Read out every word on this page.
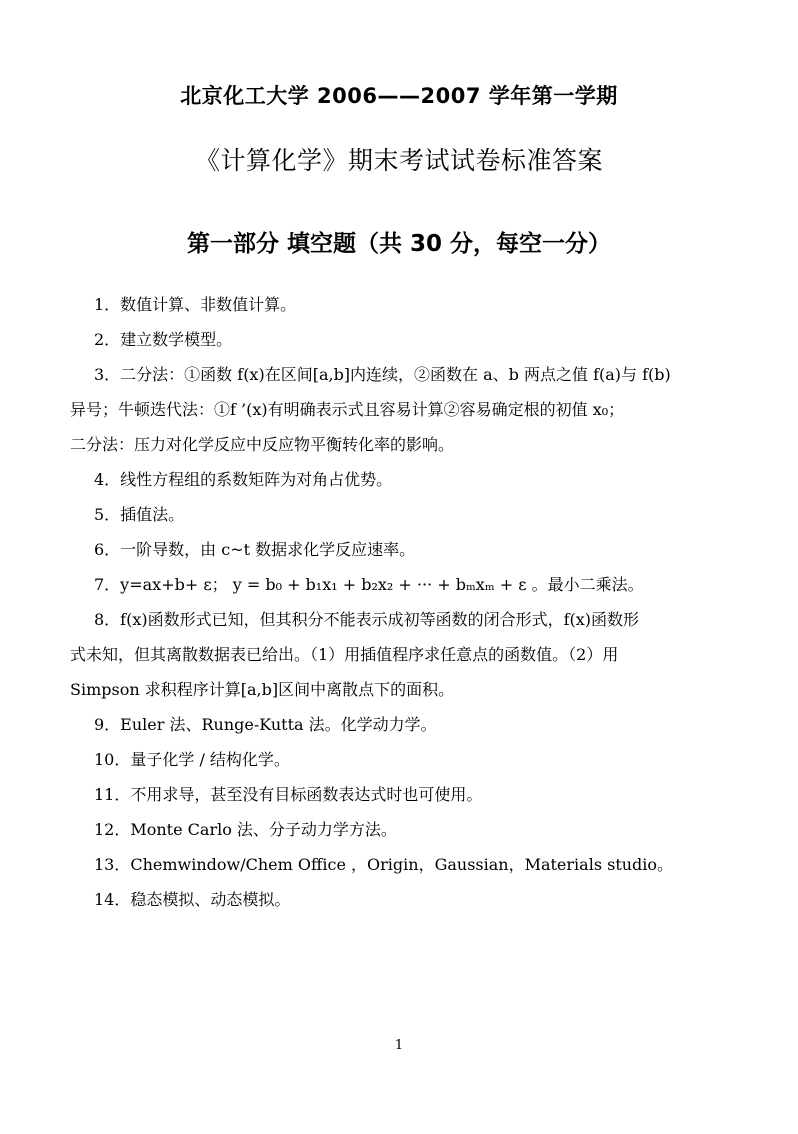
北京化工大学 2006——2007 学年第一学期
《计算化学》期末考试试卷标准答案
第一部分 填空题（共 30 分，每空一分）
1．数值计算、非数值计算。
2．建立数学模型。
3．二分法：①函数 f(x)在区间[a,b]内连续，②函数在 a、b 两点之值 f(a)与 f(b)
异号；牛顿迭代法：①f ’(x)有明确表示式且容易计算②容易确定根的初值 x₀；
二分法：压力对化学反应中反应物平衡转化率的影响。
4．线性方程组的系数矩阵为对角占优势。
5．插值法。
6．一阶导数，由 c~t 数据求化学反应速率。
7．y=ax+b+ ε； y = b₀ + b₁x₁ + b₂x₂ + ··· + bₘxₘ + ε 。最小二乘法。
8．f(x)函数形式已知，但其积分不能表示成初等函数的闭合形式，f(x)函数形
式未知，但其离散数据表已给出。（1）用插值程序求任意点的函数值。（2）用
Simpson 求积程序计算[a,b]区间中离散点下的面积。
9．Euler 法、Runge-Kutta 法。化学动力学。
10．量子化学 / 结构化学。
11．不用求导，甚至没有目标函数表达式时也可使用。
12．Monte Carlo 法、分子动力学方法。
13．Chemwindow/Chem Office ，Origin，Gaussian，Materials studio。
14．稳态模拟、动态模拟。
1
